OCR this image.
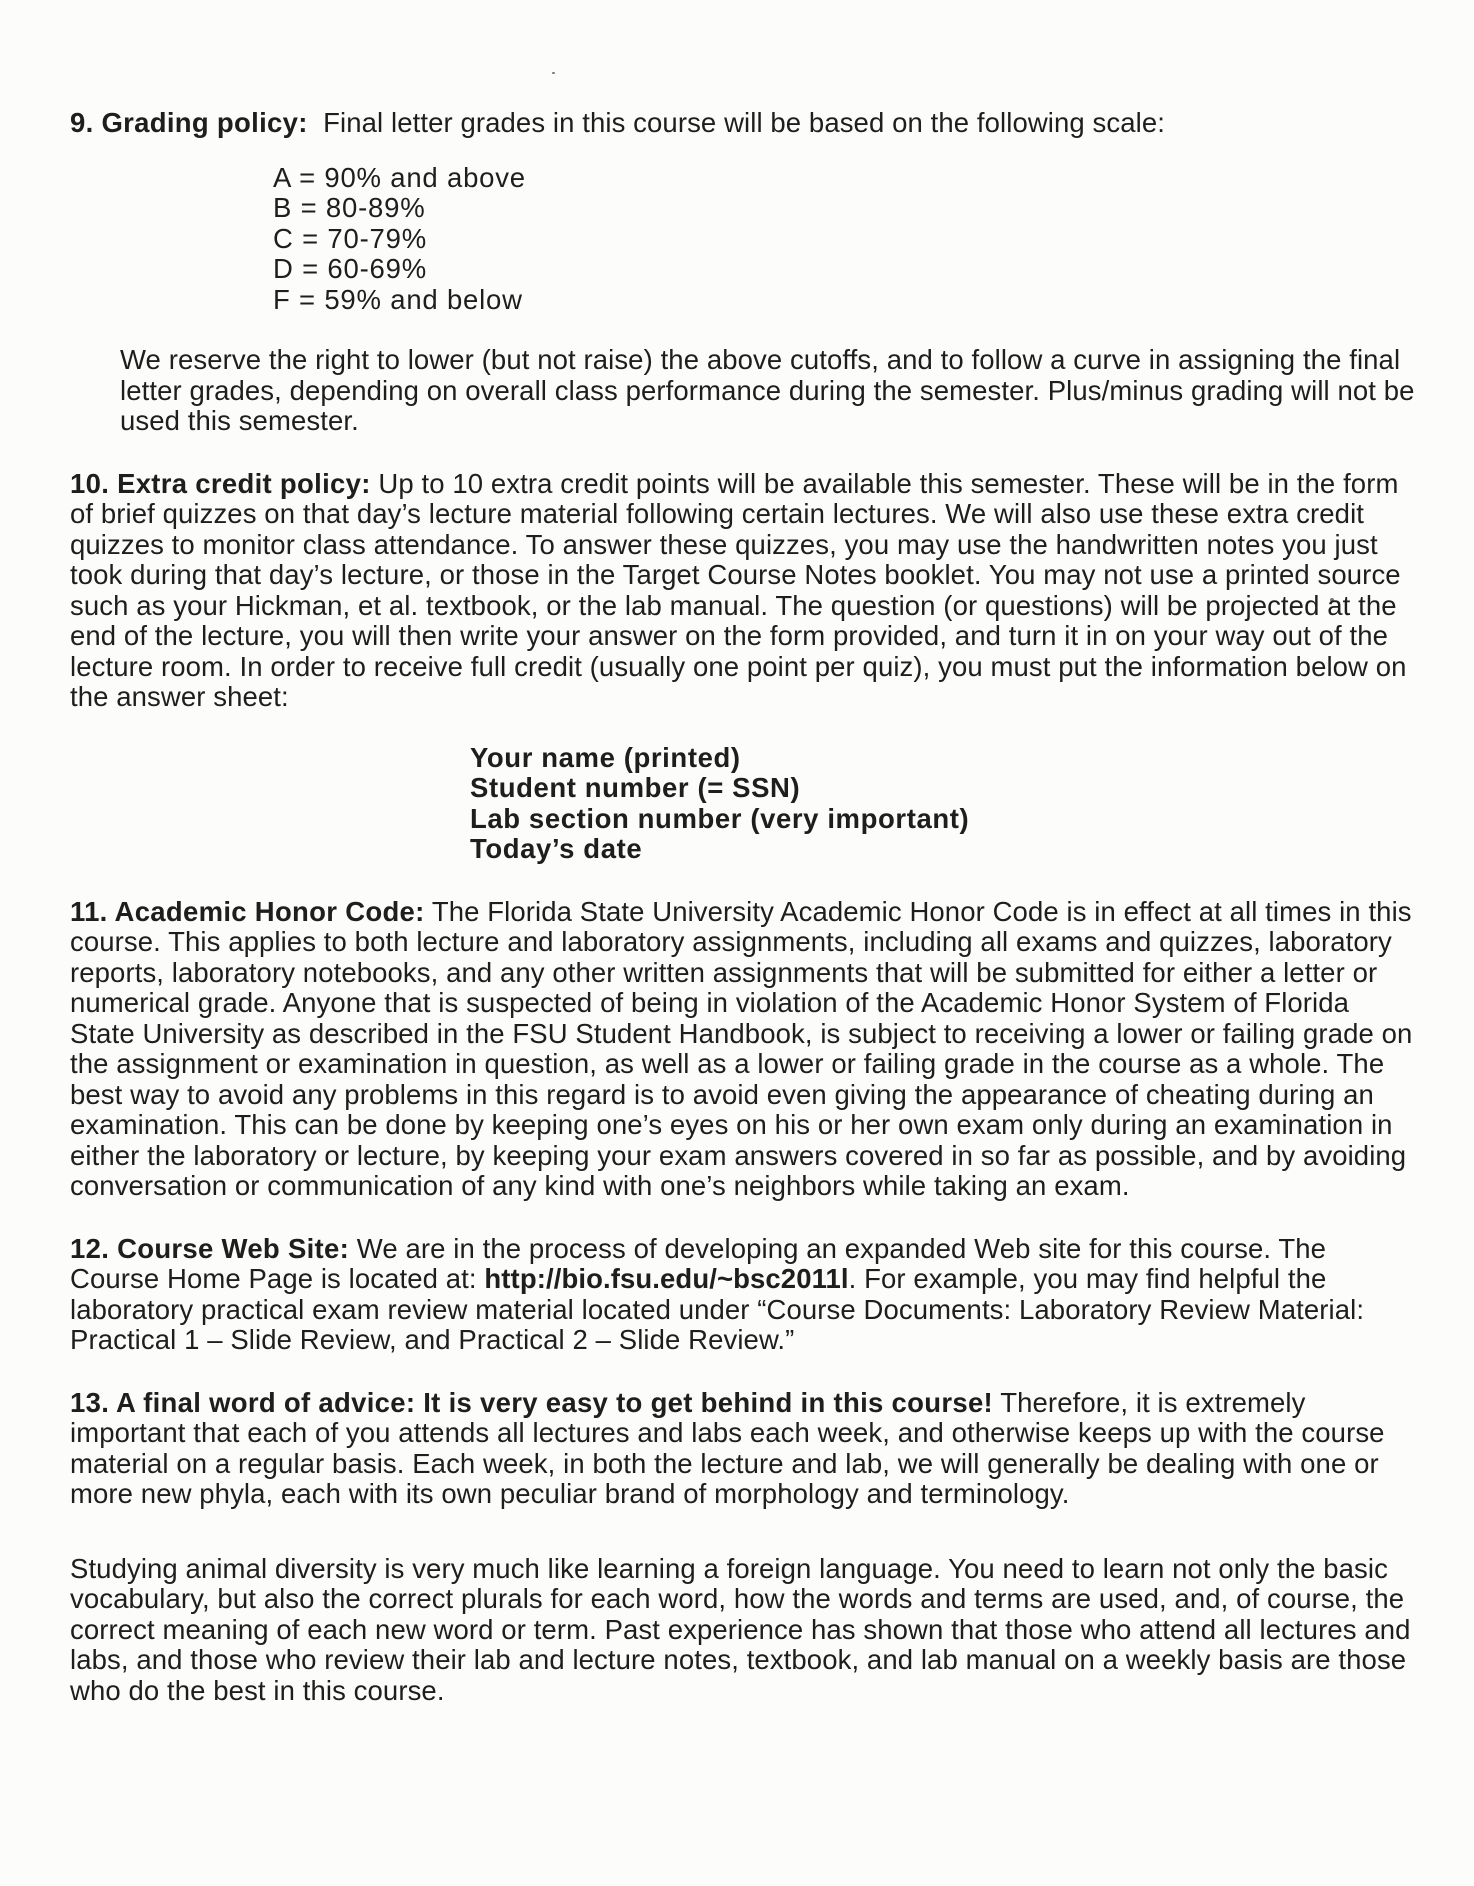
9. Grading policy: Final letter grades in this course will be based on the following scale:

A = 90% and above
B = 80-89%
C = 70-79%
D = 60-69%
F = 59% and below

We reserve the right to lower (but not raise) the above cutoffs, and to follow a curve in assigning the final letter grades, depending on overall class performance during the semester. Plus/minus grading will not be used this semester.

10. Extra credit policy: Up to 10 extra credit points will be available this semester. These will be in the form of brief quizzes on that day’s lecture material following certain lectures. We will also use these extra credit quizzes to monitor class attendance. To answer these quizzes, you may use the handwritten notes you just took during that day’s lecture, or those in the Target Course Notes booklet. You may not use a printed source such as your Hickman, et al. textbook, or the lab manual. The question (or questions) will be projected at the end of the lecture, you will then write your answer on the form provided, and turn it in on your way out of the lecture room. In order to receive full credit (usually one point per quiz), you must put the information below on the answer sheet:

Your name (printed)
Student number (= SSN)
Lab section number (very important)
Today’s date

11. Academic Honor Code: The Florida State University Academic Honor Code is in effect at all times in this course. This applies to both lecture and laboratory assignments, including all exams and quizzes, laboratory reports, laboratory notebooks, and any other written assignments that will be submitted for either a letter or numerical grade. Anyone that is suspected of being in violation of the Academic Honor System of Florida State University as described in the FSU Student Handbook, is subject to receiving a lower or failing grade on the assignment or examination in question, as well as a lower or failing grade in the course as a whole. The best way to avoid any problems in this regard is to avoid even giving the appearance of cheating during an examination. This can be done by keeping one’s eyes on his or her own exam only during an examination in either the laboratory or lecture, by keeping your exam answers covered in so far as possible, and by avoiding conversation or communication of any kind with one’s neighbors while taking an exam.

12. Course Web Site: We are in the process of developing an expanded Web site for this course. The Course Home Page is located at: http://bio.fsu.edu/~bsc2011l. For example, you may find helpful the laboratory practical exam review material located under “Course Documents: Laboratory Review Material: Practical 1 – Slide Review, and Practical 2 – Slide Review.”

13. A final word of advice: It is very easy to get behind in this course! Therefore, it is extremely important that each of you attends all lectures and labs each week, and otherwise keeps up with the course material on a regular basis. Each week, in both the lecture and lab, we will generally be dealing with one or more new phyla, each with its own peculiar brand of morphology and terminology.

Studying animal diversity is very much like learning a foreign language. You need to learn not only the basic vocabulary, but also the correct plurals for each word, how the words and terms are used, and, of course, the correct meaning of each new word or term. Past experience has shown that those who attend all lectures and labs, and those who review their lab and lecture notes, textbook, and lab manual on a weekly basis are those who do the best in this course.
